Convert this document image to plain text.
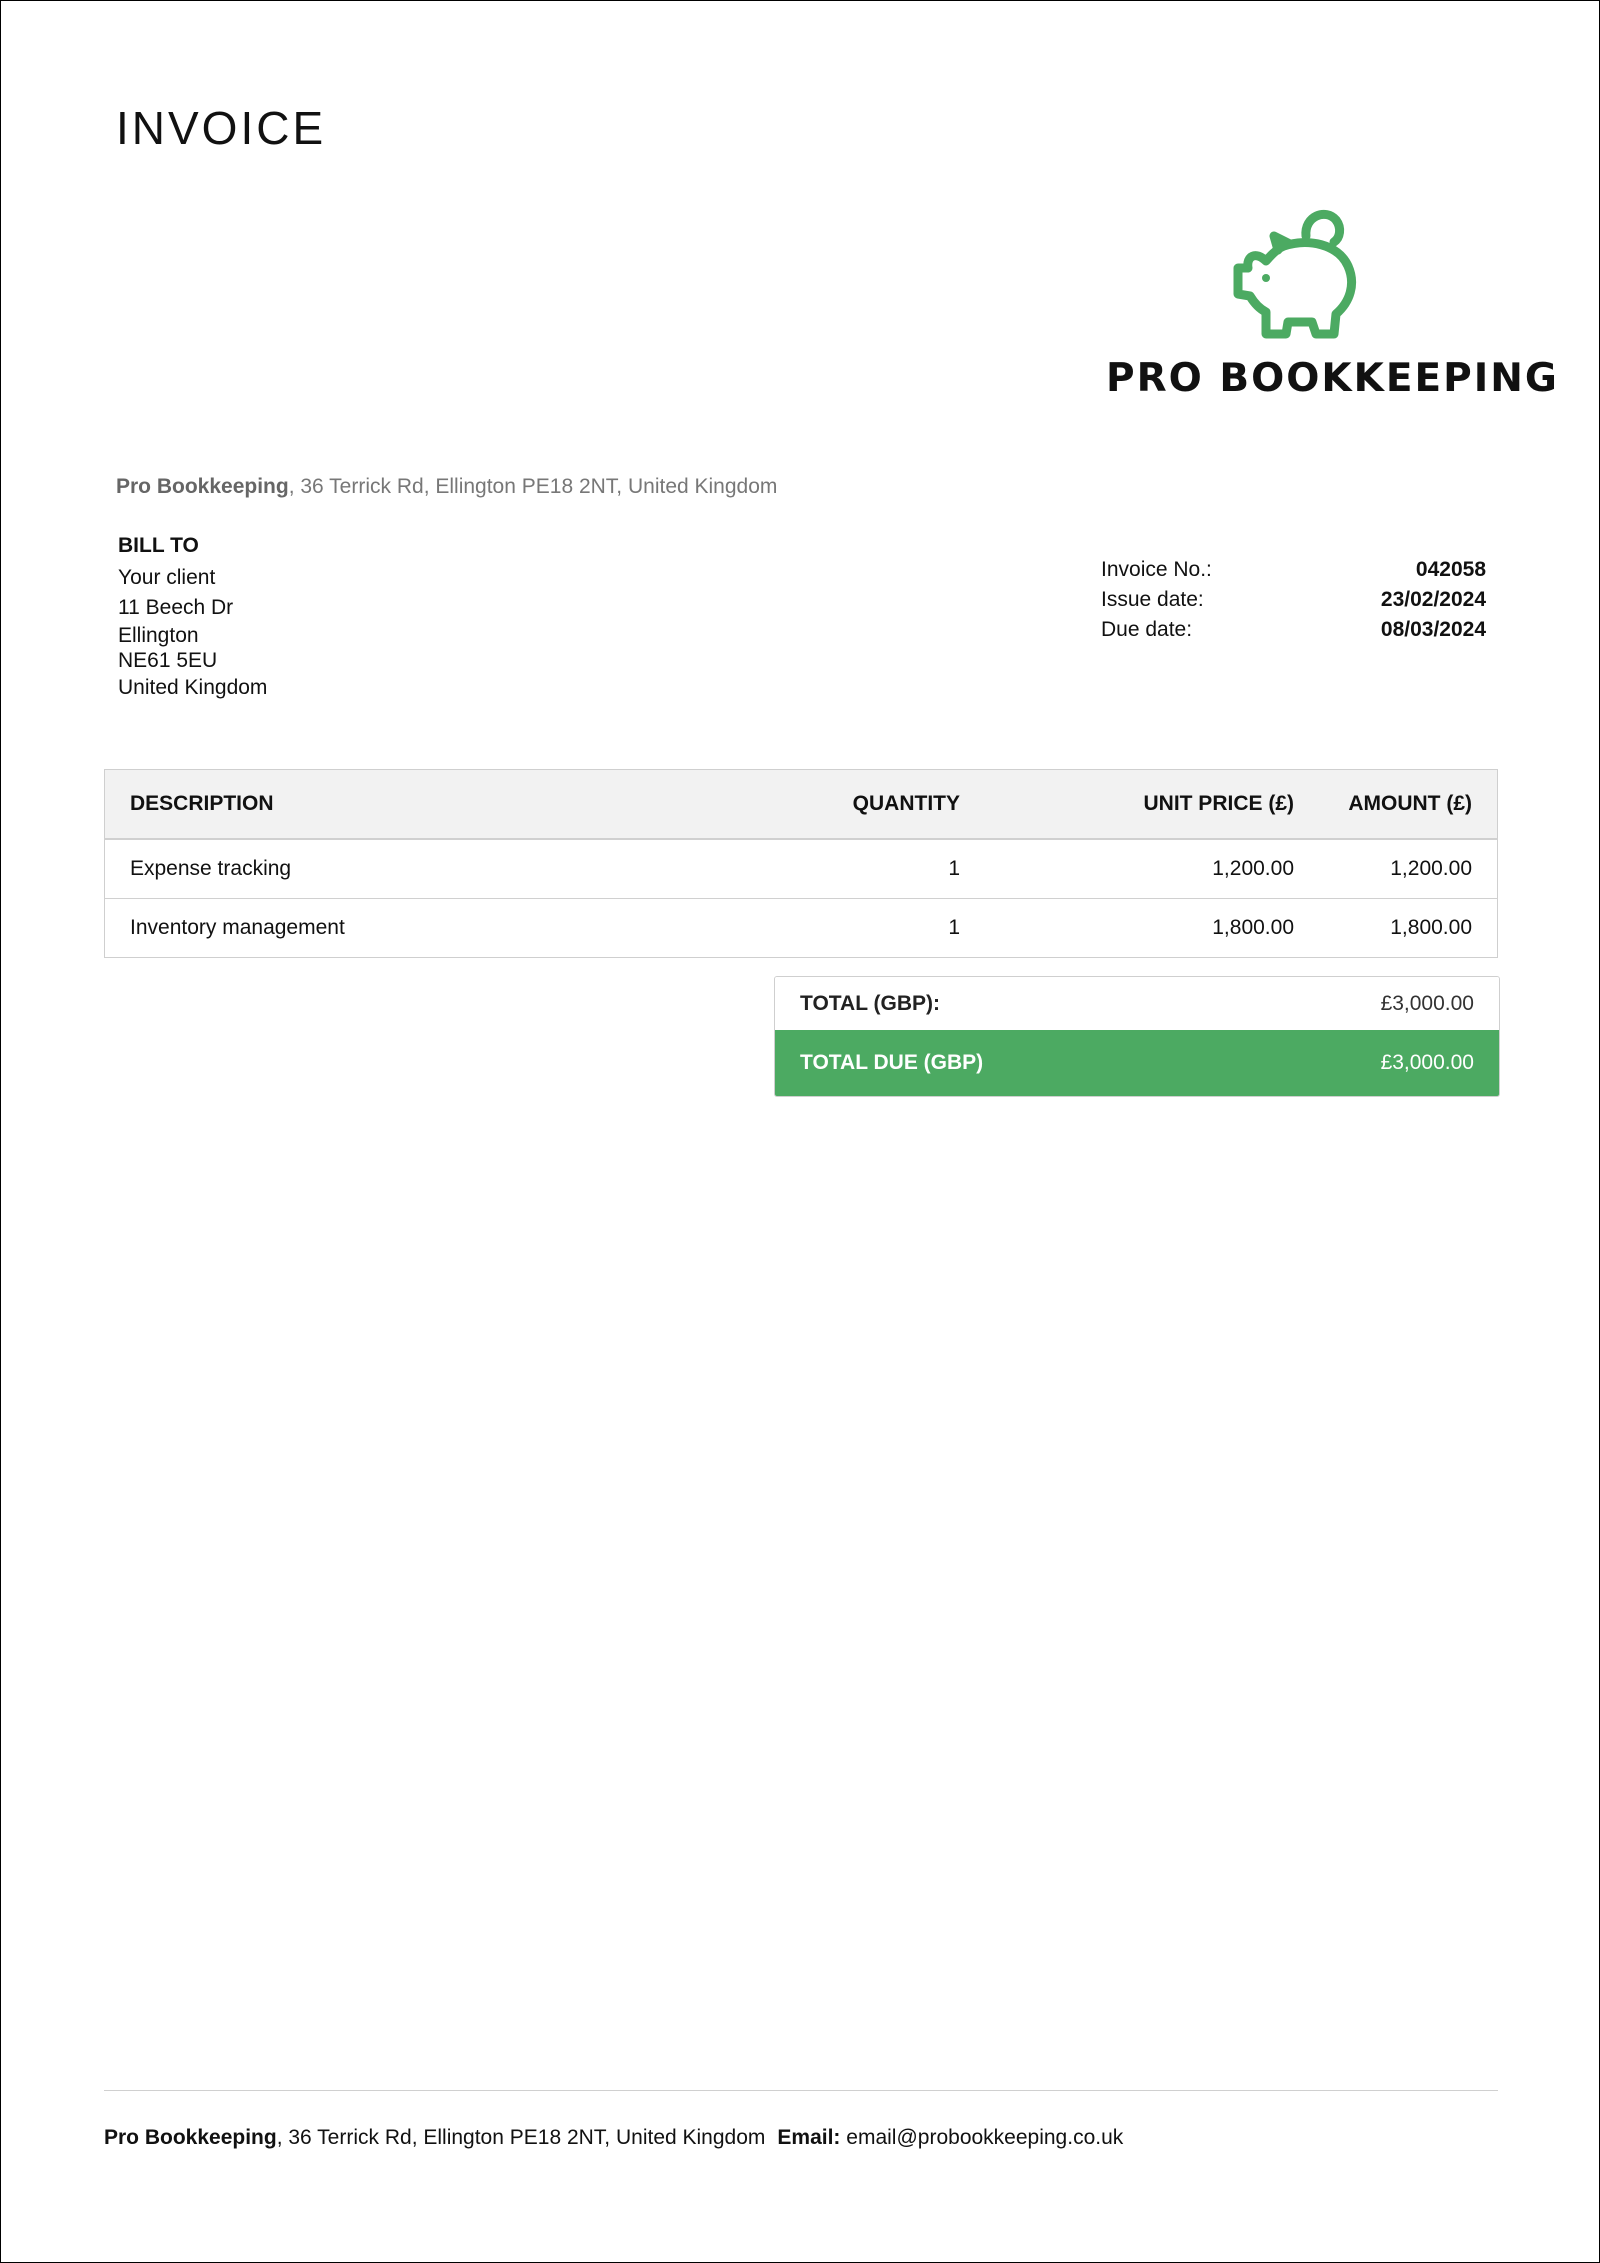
INVOICE
PRO BOOKKEEPING
Pro Bookkeeping, 36 Terrick Rd, Ellington PE18 2NT, United Kingdom
BILL TO
Your client
11 Beech Dr
Ellington
NE61 5EU
United Kingdom
Invoice No.:	042058
Issue date:	23/02/2024
Due date:	08/03/2024
DESCRIPTION	QUANTITY	UNIT PRICE (£)	AMOUNT (£)
Expense tracking	1	1,200.00	1,200.00
Inventory management	1	1,800.00	1,800.00
TOTAL (GBP):	£3,000.00
TOTAL DUE (GBP)	£3,000.00
Pro Bookkeeping, 36 Terrick Rd, Ellington PE18 2NT, United Kingdom Email: email@probookkeeping.co.uk
